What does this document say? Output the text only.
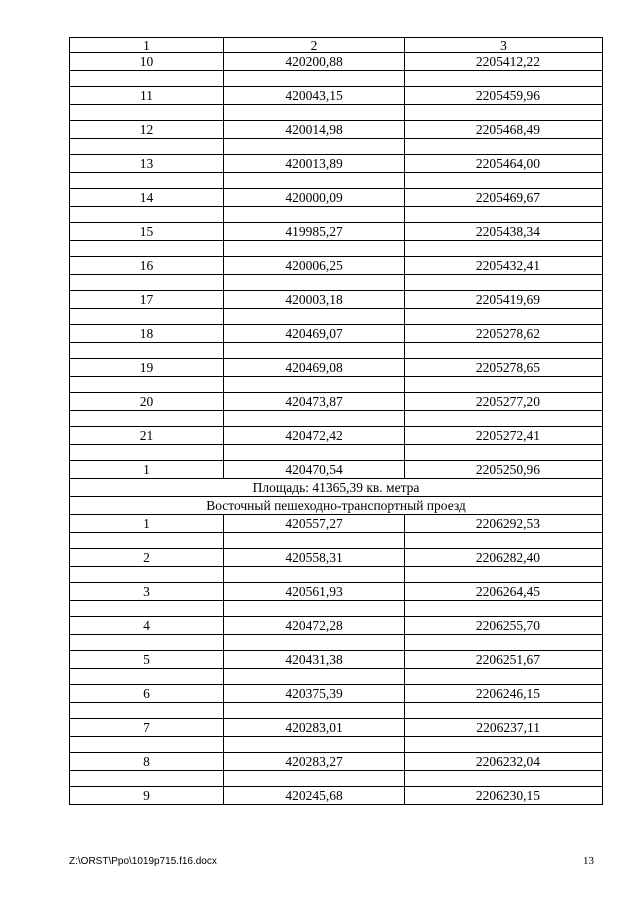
1	2	3
10	420200,88	2205412,22

11	420043,15	2205459,96

12	420014,98	2205468,49

13	420013,89	2205464,00

14	420000,09	2205469,67

15	419985,27	2205438,34

16	420006,25	2205432,41

17	420003,18	2205419,69

18	420469,07	2205278,62

19	420469,08	2205278,65

20	420473,87	2205277,20

21	420472,42	2205272,41

1	420470,54	2205250,96
Площадь: 41365,39 кв. метра		
Восточный пешеходно-транспортный проезд		
1	420557,27	2206292,53

2	420558,31	2206282,40

3	420561,93	2206264,45

4	420472,28	2206255,70

5	420431,38	2206251,67

6	420375,39	2206246,15

7	420283,01	2206237,11

8	420283,27	2206232,04

9	420245,68	2206230,15
Z:\ORST\Ppo\1019p715.f16.docx	13
